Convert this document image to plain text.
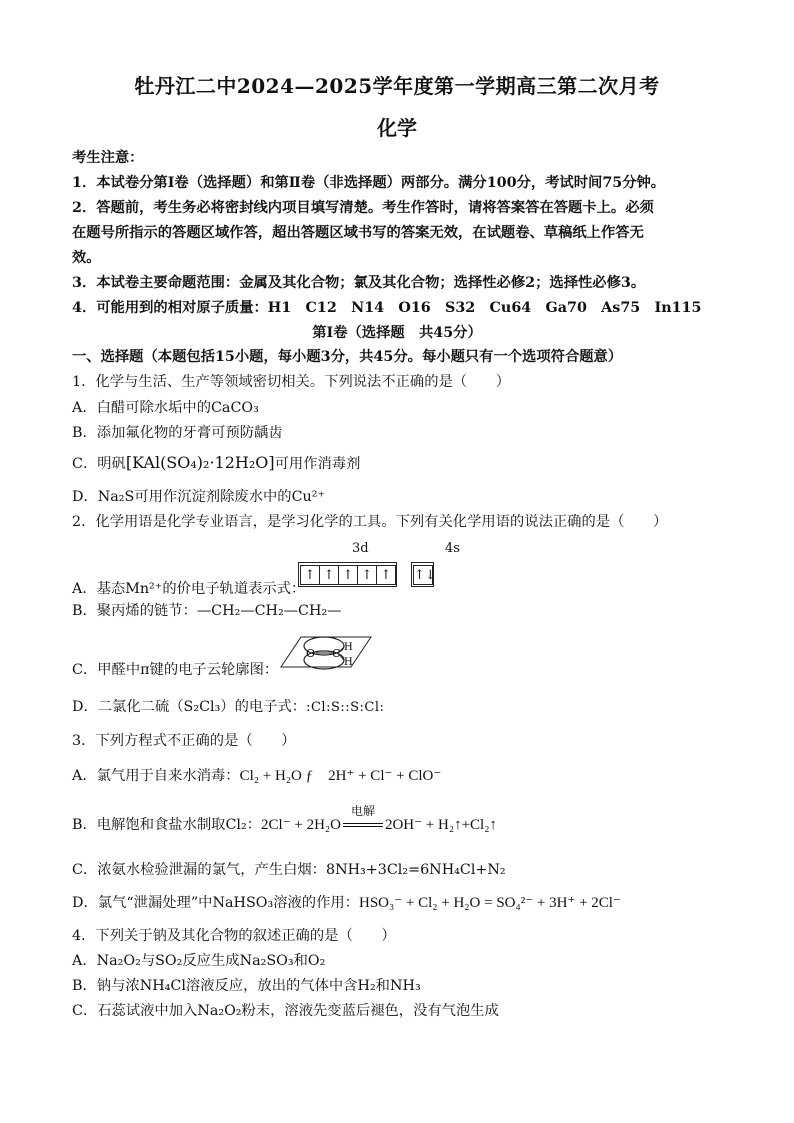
牡丹江二中2024—2025学年度第一学期高三第二次月考
化学
考生注意：
1．本试卷分第Ⅰ卷（选择题）和第Ⅱ卷（非选择题）两部分。满分100分，考试时间75分钟。
2．答题前，考生务必将密封线内项目填写清楚。考生作答时，请将答案答在答题卡上。必须
在题号所指示的答题区域作答，超出答题区域书写的答案无效，在试题卷、草稿纸上作答无
效。
3．本试卷主要命题范围：金属及其化合物；氯及其化合物；选择性必修2；选择性必修3。
4．可能用到的相对原子质量：H1　C12　N14　O16　S32　Cu64　Ga70　As75　In115
第Ⅰ卷（选择题　共45分）
一、选择题（本题包括15小题，每小题3分，共45分。每小题只有一个选项符合题意）
1．化学与生活、生产等领域密切相关。下列说法不正确的是（　　）
A．白醋可除水垢中的CaCO₃
B．添加氟化物的牙膏可预防龋齿
C．明矾[KAl(SO₄)₂·12H₂O]可用作消毒剂
D．Na₂S可用作沉淀剂除废水中的Cu²⁺
2．化学用语是化学专业语言，是学习化学的工具。下列有关化学用语的说法正确的是（　　）
3d	4s
A．基态Mn²⁺的价电子轨道表示式：
↑ ↑ ↑ ↑ ↑ ↑↓
B．聚丙烯的链节：—CH₂—CH₂—CH₂—
C．甲醛中π键的电子云轮廓图：
O C H
H
D．二氯化二硫（S₂Cl₃）的电子式：:Cl:S::S:Cl:
3．下列方程式不正确的是（　　）
A．氯气用于自来水消毒：Cl₂ + H₂O ƒ　2H⁺ + Cl⁻ + ClO⁻
B．电解饱和食盐水制取Cl₂：2Cl⁻ + 2H₂O
电解
2OH⁻ + H₂↑+Cl₂↑
C．浓氨水检验泄漏的氯气，产生白烟：8NH₃+3Cl₂=6NH₄Cl+N₂
D．氯气“泄漏处理”中NaHSO₃溶液的作用：HSO₃⁻ + Cl₂ + H₂O = SO₄²⁻ + 3H⁺ + 2Cl⁻
4．下列关于钠及其化合物的叙述正确的是（　　）
A．Na₂O₂与SO₂反应生成Na₂SO₃和O₂
B．钠与浓NH₄Cl溶液反应，放出的气体中含H₂和NH₃
C．石蕊试液中加入Na₂O₂粉末，溶液先变蓝后褪色，没有气泡生成
